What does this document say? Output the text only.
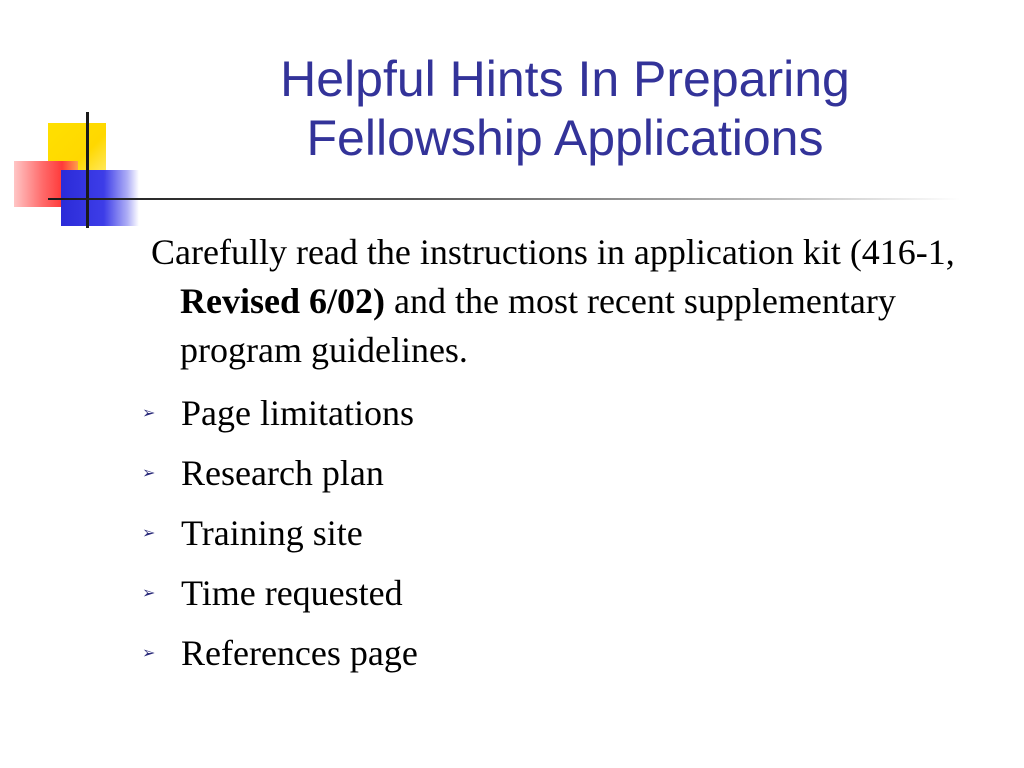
Helpful Hints In Preparing
Fellowship Applications

Carefully read the instructions in application kit (416-1, Revised 6/02) and the most recent supplementary program guidelines.

➢ Page limitations
➢ Research plan
➢ Training site
➢ Time requested
➢ References page
